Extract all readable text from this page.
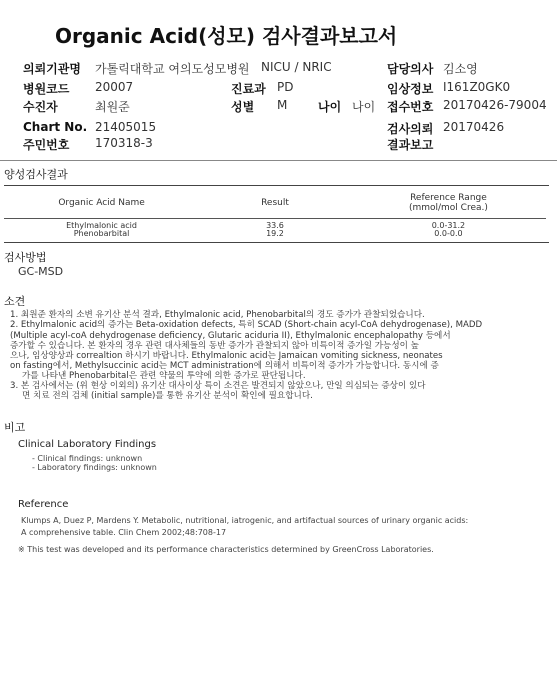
Organic Acid(성모) 검사결과보고서
의뢰기관명 가톨릭대학교 여의도성모병원 NICU / NRIC	담당의사 김소영
병원코드 20007	진료과 PD	임상정보 I161Z0GK0
수진자	최원준	성별 M	나이 나이 접수번호 20170426-79004
Chart No. 21405015	검사의뢰 20170426
주민번호 170318-3	결과보고
양성검사결과
Organic Acid Name	Result	Reference Range
(mmol/mol Crea.)
Ethylmalonic acid	33.6	0.0-31.2
Phenobarbital	19.2	0.0-0.0
검사방법
GC-MSD
소견
1. 최원준 환자의 소변 유기산 분석 결과, Ethylmalonic acid, Phenobarbital의 경도 증가가 관찰되었습니다.
2. Ethylmalonic acid의 증가는 Beta-oxidation defects, 특히 SCAD (Short-chain acyl-CoA dehydrogenase), MADD
(Multiple acyl-coA dehydrogenase deficiency, Glutaric aciduria II), Ethylmalonic encephalopathy 등에서
증가할 수 있습니다. 본 환자의 경우 관련 대사체들의 동반 증가가 관찰되지 않아 비특이적 증가일 가능성이 높
으나, 임상양상과 correaltion 하시기 바랍니다. Ethylmalonic acid는 Jamaican vomiting sickness, neonates
on fasting에서, Methylsuccinic acid는 MCT administration에 의해서 비특이적 증가가 가능합니다. 동시에 증
가를 나타낸 Phenobarbital은 관련 약물의 투약에 의한 증가로 판단됩니다.
3. 본 검사에서는 (위 현상 이외의) 유기산 대사이상 특이 소견은 발견되지 않았으나, 만일 의심되는 증상이 있다
면 치료 전의 검체 (initial sample)를 통한 유기산 분석이 확인에 필요합니다.
비고
Clinical Laboratory Findings
- Clinical findings: unknown
- Laboratory findings: unknown
Reference
Klumps A, Duez P, Mardens Y. Metabolic, nutritional, iatrogenic, and artifactual sources of urinary organic acids:
A comprehensive table. Clin Chem 2002;48:708-17
※ This test was developed and its performance characteristics determined by GreenCross Laboratories.
